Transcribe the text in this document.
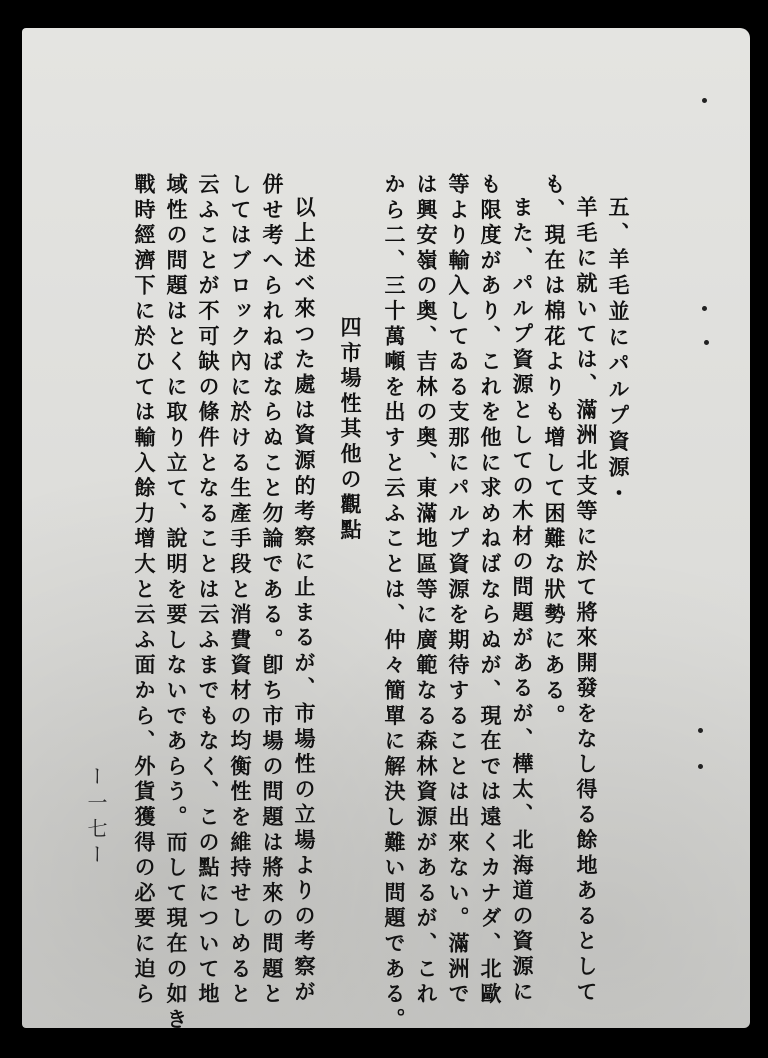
五、羊毛並にパルプ資源・
羊毛に就いては、滿洲北支等に於て將來開發をなし得る餘地あるとして
も、現在は棉花よりも增して困難な狀勢にある。
また、パルプ資源としての木材の問題があるが、樺太、北海道の資源に
も限度があり、これを他に求めねばならぬが、現在では遠くカナダ、北歐
等より輸入してゐる支那にパルプ資源を期待することは出來ない。滿洲で
は興安嶺の奥、吉林の奥、東滿地區等に廣範なる森林資源があるが、これ
から二、三十萬噸を出すと云ふことは、仲々簡單に解決し難い問題である。
四市場性其他の觀點
以上述べ來つた處は資源的考察に止まるが、市場性の立場よりの考察が
併せ考へられねばならぬこと勿論である。卽ち市場の問題は將來の問題と
してはブロック內に於ける生產手段と消費資材の均衡性を維持せしめると
云ふことが不可缺の條件となることは云ふまでもなく、この點について地
域性の問題はとくに取り立て、說明を要しないであらう。而して現在の如き
戰時經濟下に於ひては輸入餘力增大と云ふ面から、外貨獲得の必要に迫ら
ー一七ー
